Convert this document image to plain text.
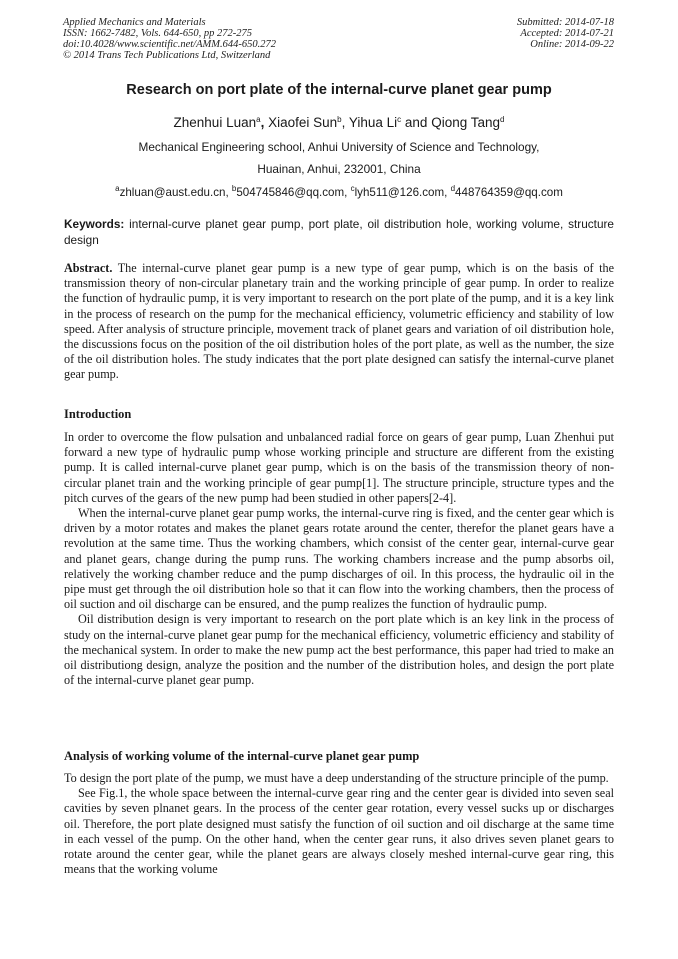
Applied Mechanics and Materials
ISSN: 1662-7482, Vols. 644-650, pp 272-275
doi:10.4028/www.scientific.net/AMM.644-650.272
© 2014 Trans Tech Publications Ltd, Switzerland
Submitted: 2014-07-18
Accepted: 2014-07-21
Online: 2014-09-22
Research on port plate of the internal-curve planet gear pump
Zhenhui Luan$^a$, Xiaofei Sun$^b$, Yihua Li$^c$ and Qiong Tang$^d$
Mechanical Engineering school, Anhui University of Science and Technology,
Huainan, Anhui, 232001, China
$^a$zhluan@aust.edu.cn, $^b$504745846@qq.com, $^c$lyh511@126.com, $^d$448764359@qq.com
Keywords: internal-curve planet gear pump, port plate, oil distribution hole, working volume, structure design
Abstract. The internal-curve planet gear pump is a new type of gear pump, which is on the basis of the transmission theory of non-circular planetary train and the working principle of gear pump. In order to realize the function of hydraulic pump, it is very important to research on the port plate of the pump, and it is a key link in the process of research on the pump for the mechanical efficiency, volumetric efficiency and stability of low speed. After analysis of structure principle, movement track of planet gears and variation of oil distribution hole, the discussions focus on the position of the oil distribution holes of the port plate, as well as the number, the size of the oil distribution holes. The study indicates that the port plate designed can satisfy the internal-curve planet gear pump.
Introduction

In order to overcome the flow pulsation and unbalanced radial force on gears of gear pump, Luan Zhenhui put forward a new type of hydraulic pump whose working principle and structure are different from the existing pump. It is called internal-curve planet gear pump, which is on the basis of the transmission theory of non-circular planet train and the working principle of gear pump[1]. The structure principle, structure types and the pitch curves of the gears of the new pump had been studied in other papers[2-4].

When the internal-curve planet gear pump works, the internal-curve ring is fixed, and the center gear which is driven by a motor rotates and makes the planet gears rotate around the center, therefor the planet gears have a revolution at the same time. Thus the working chambers, which consist of the center gear, internal-curve gear and planet gears, change during the pump runs. The working chambers increase and the pump absorbs oil, relatively the working chamber reduce and the pump discharges of oil. In this process, the hydraulic oil in the pipe must get through the oil distribution hole so that it can flow into the working chambers, then the process of oil suction and oil discharge can be ensured, and the pump realizes the function of hydraulic pump.

Oil distribution design is very important to research on the port plate which is an key link in the process of study on the internal-curve planet gear pump for the mechanical efficiency, volumetric efficiency and stability of the mechanical system. In order to make the new pump act the best performance, this paper had tried to make an oil distributiong design, analyze the position and the number of the distribution holes, and design the port plate of the internal-curve planet gear pump.

Analysis of working volume of the internal-curve planet gear pump

To design the port plate of the pump, we must have a deep understanding of the structure principle of the pump.

See Fig.1, the whole space between the internal-curve gear ring and the center gear is divided into seven seal cavities by seven plnanet gears. In the process of the center gear rotation, every vessel sucks up or discharges oil. Therefore, the port plate designed must satisfy the function of oil suction and oil discharge at the same time in each vessel of the pump. On the other hand, when the center gear runs, it also drives seven planet gears to rotate around the center gear, while the planet gears are always closely meshed internal-curve gear ring, this means that the working volume
